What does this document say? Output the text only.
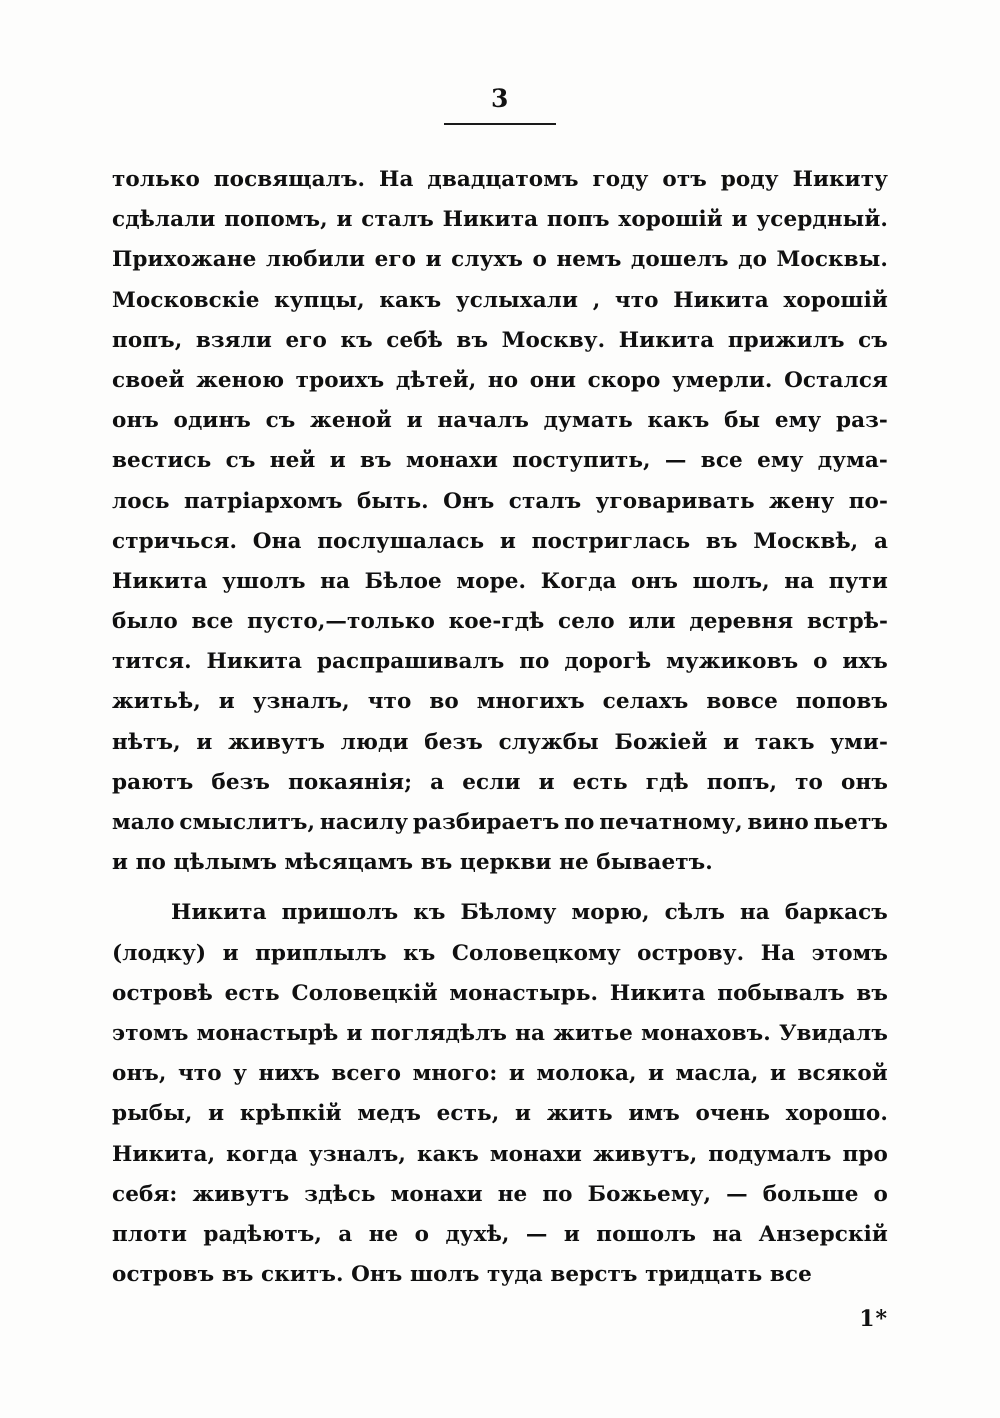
3

только посвящалъ. На двадцатомъ году отъ роду Никиту
сдѣлали попомъ, и сталъ Никита попъ хорошій и усердный.
Прихожане любили его и слухъ о немъ дошелъ до Москвы.
Московскіе купцы, какъ услыхали , что Никита хорошій
попъ, взяли его къ себѣ въ Москву. Никита прижилъ съ
своей женою троихъ дѣтей, но они скоро умерли. Остался
онъ одинъ съ женой и началъ думать какъ бы ему раз-
вестись съ ней и въ монахи поступить, — все ему дума-
лось патріархомъ быть. Онъ сталъ уговаривать жену по-
стричься. Она послушалась и постриглась въ Москвѣ, а
Никита ушолъ на Бѣлое море. Когда онъ шолъ, на пути
было все пусто,—только кое-гдѣ село или деревня встрѣ-
тится. Никита распрашивалъ по дорогѣ мужиковъ о ихъ
житьѣ, и узналъ, что во многихъ селахъ вовсе поповъ
нѣтъ, и живутъ люди безъ службы Божіей и такъ уми-
раютъ безъ покаянія; а если и есть гдѣ попъ, то онъ
мало смыслитъ, насилу разбираетъ по печатному, вино пьетъ
и по цѣлымъ мѣсяцамъ въ церкви не бываетъ.

Никита пришолъ къ Бѣлому морю, сѣлъ на баркасъ
(лодку) и приплылъ къ Соловецкому острову. На этомъ
островѣ есть Соловецкій монастырь. Никита побывалъ въ
этомъ монастырѣ и поглядѣлъ на житье монаховъ. Увидалъ
онъ, что у нихъ всего много: и молока, и масла, и всякой
рыбы, и крѣпкій медъ есть, и жить имъ очень хорошо.
Никита, когда узналъ, какъ монахи живутъ, подумалъ про
себя: живутъ здѣсь монахи не по Божьему, — больше о
плоти радѣютъ, а не о духѣ, — и пошолъ на Анзерскій
островъ въ скитъ. Онъ шолъ туда верстъ тридцать все

1*
